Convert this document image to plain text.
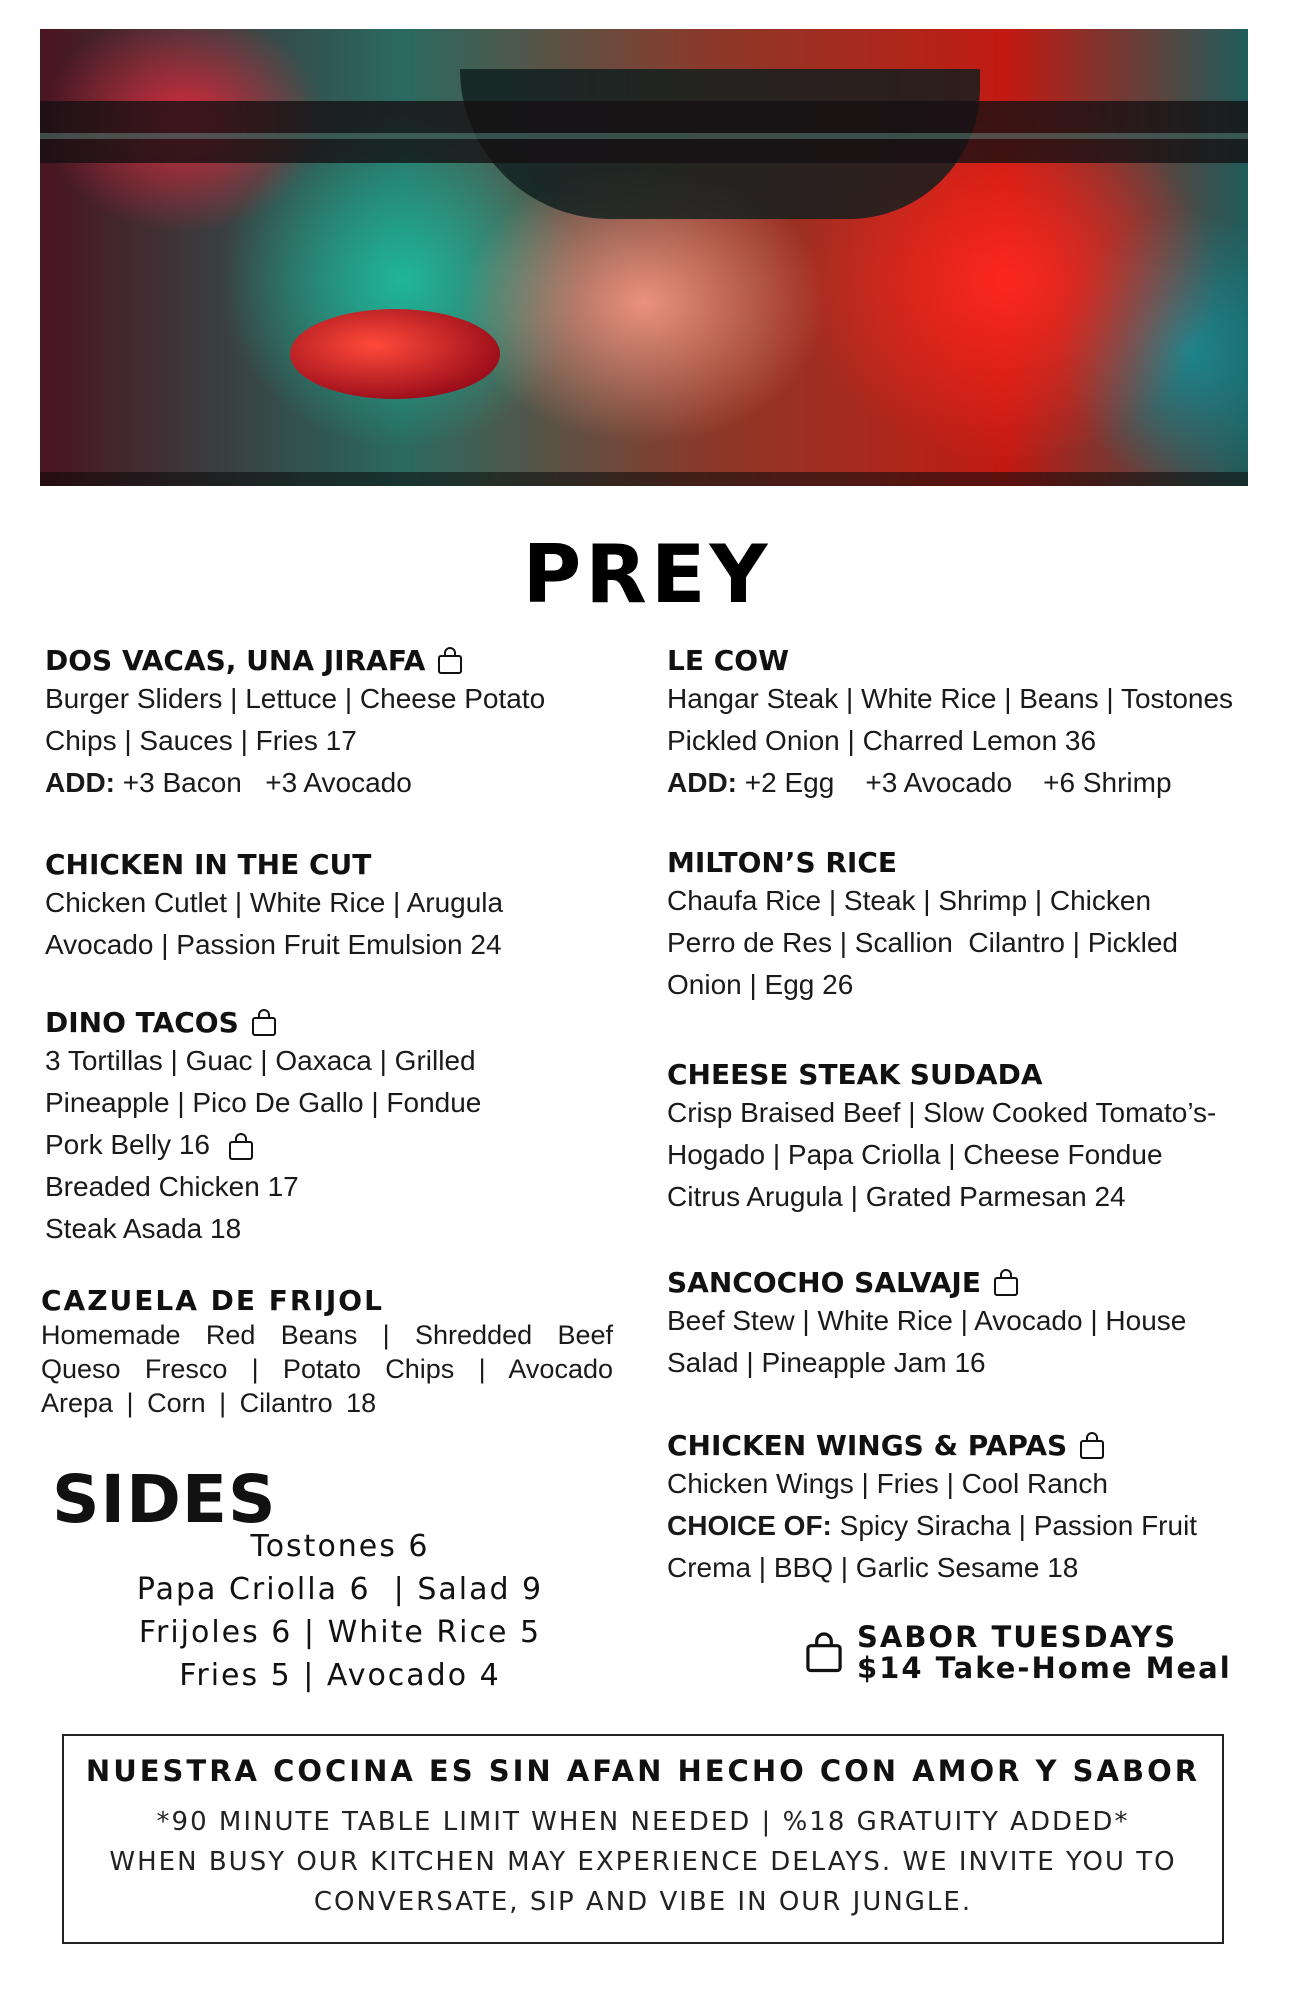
PREY
DOS VACAS, UNA JIRAFA

Burger Sliders | Lettuce | Cheese Potato

Chips | Sauces | Fries 17

ADD: +3 Bacon   +3 Avocado

CHICKEN IN THE CUT

Chicken Cutlet | White Rice | Arugula

Avocado | Passion Fruit Emulsion 24

DINO TACOS

3 Tortillas | Guac | Oaxaca | Grilled

Pineapple | Pico De Gallo | Fondue

Pork Belly 16

Breaded Chicken 17

Steak Asada 18

CAZUELA DE FRIJOL

Homemade Red Beans | Shredded Beef Queso Fresco | Potato Chips | Avocado Arepa | Corn | Cilantro 18

SIDES
Tostones 6
Papa Criolla 6  | Salad 9
Frijoles 6 | White Rice 5
Fries 5 | Avocado 4
LE COW

Hangar Steak | White Rice | Beans | Tostones

Pickled Onion | Charred Lemon 36

ADD: +2 Egg    +3 Avocado    +6 Shrimp

MILTON’S RICE

Chaufa Rice | Steak | Shrimp | Chicken

Perro de Res | Scallion  Cilantro | Pickled

Onion | Egg 26

CHEESE STEAK SUDADA

Crisp Braised Beef | Slow Cooked Tomato’s-

Hogado | Papa Criolla | Cheese Fondue

Citrus Arugula | Grated Parmesan 24

SANCOCHO SALVAJE

Beef Stew | White Rice | Avocado | House

Salad | Pineapple Jam 16

CHICKEN WINGS & PAPAS

Chicken Wings | Fries | Cool Ranch

CHOICE OF: Spicy Siracha | Passion Fruit

Crema | BBQ | Garlic Sesame 18

SABOR TUESDAYS
$14 Take-Home Meal
NUESTRA COCINA ES SIN AFAN HECHO CON AMOR Y SABOR
*90 MINUTE TABLE LIMIT WHEN NEEDED | %18 GRATUITY ADDED*
WHEN BUSY OUR KITCHEN MAY EXPERIENCE DELAYS. WE INVITE YOU TO
CONVERSATE, SIP AND VIBE IN OUR JUNGLE.
